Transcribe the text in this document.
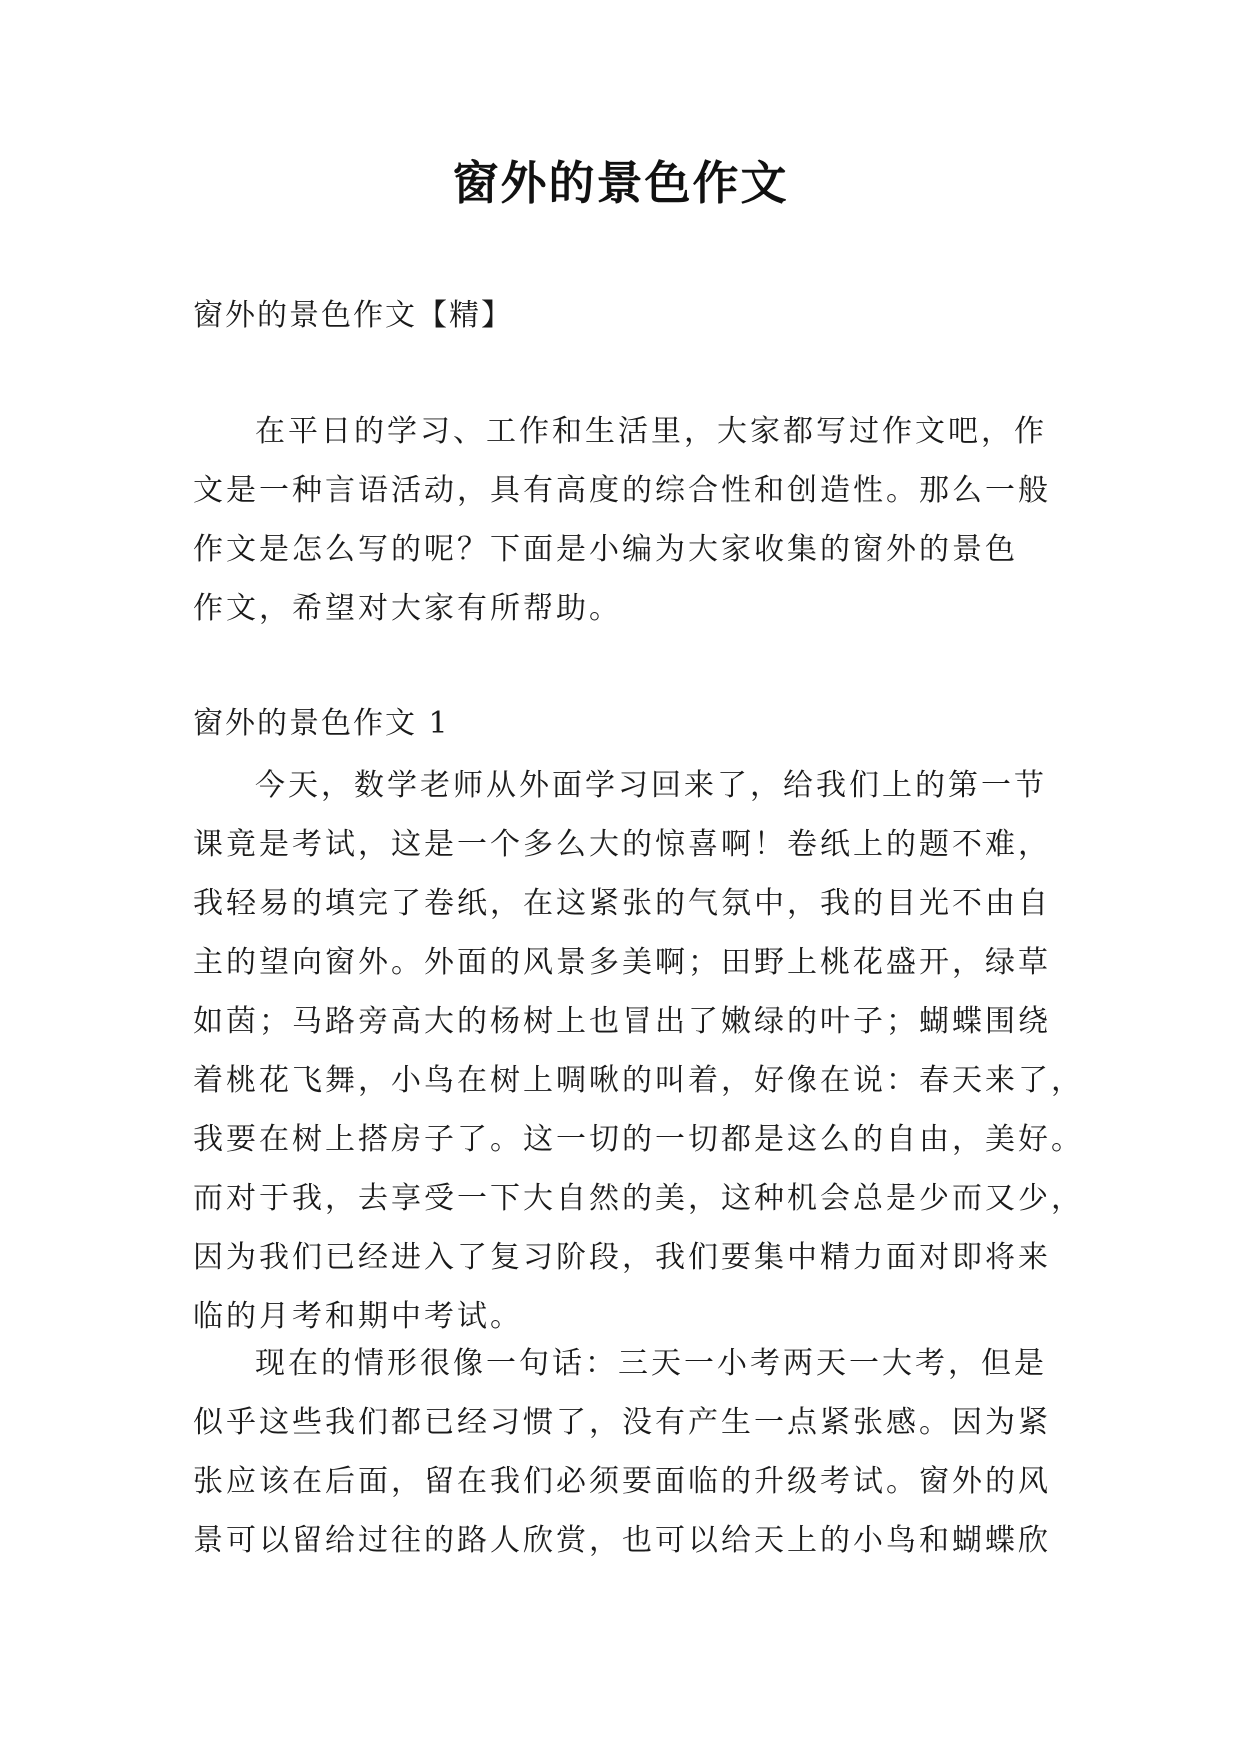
窗外的景色作文
窗外的景色作文【精】
在平日的学习、工作和生活里，大家都写过作文吧，作
文是一种言语活动，具有高度的综合性和创造性。那么一般
作文是怎么写的呢？下面是小编为大家收集的窗外的景色
作文，希望对大家有所帮助。
窗外的景色作文 1
今天，数学老师从外面学习回来了，给我们上的第一节
课竟是考试，这是一个多么大的惊喜啊！卷纸上的题不难，
我轻易的填完了卷纸，在这紧张的气氛中，我的目光不由自
主的望向窗外。外面的风景多美啊；田野上桃花盛开，绿草
如茵；马路旁高大的杨树上也冒出了嫩绿的叶子；蝴蝶围绕
着桃花飞舞，小鸟在树上啁啾的叫着，好像在说：春天来了，
我要在树上搭房子了。这一切的一切都是这么的自由，美好。
而对于我，去享受一下大自然的美，这种机会总是少而又少，
因为我们已经进入了复习阶段，我们要集中精力面对即将来
临的月考和期中考试。
现在的情形很像一句话：三天一小考两天一大考，但是
似乎这些我们都已经习惯了，没有产生一点紧张感。因为紧
张应该在后面，留在我们必须要面临的升级考试。窗外的风
景可以留给过往的路人欣赏，也可以给天上的小鸟和蝴蝶欣
